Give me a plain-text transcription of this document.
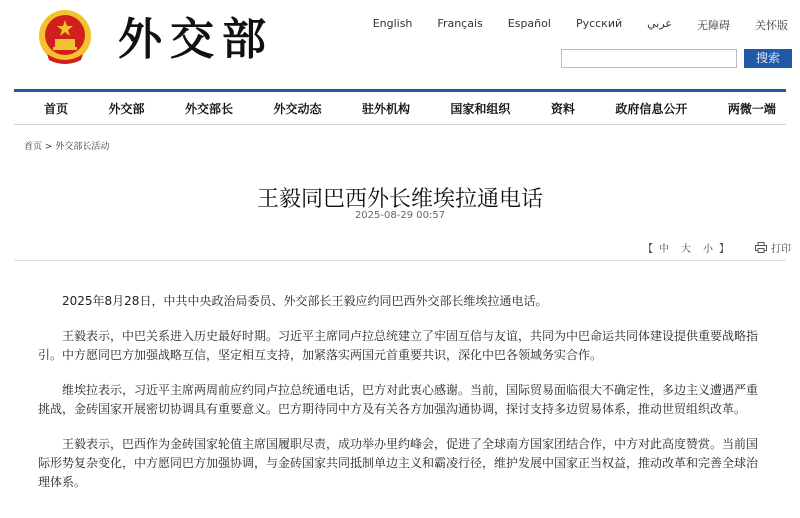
外交部	English Français Español Русский عربي 无障碍 关怀版
搜索
首页	外交部	外交部长	外交动态	驻外机构	国家和组织	资料	政府信息公开	两微一端
首页 > 外交部长活动
王毅同巴西外长维埃拉通电话
2025-08-29 00:57
【 中 大 小 】	打印

2025年8月28日，中共中央政治局委员、外交部长王毅应约同巴西外交部长维埃拉通电话。

王毅表示，中巴关系进入历史最好时期。习近平主席同卢拉总统建立了牢固互信与友谊，共同为中巴命运共同体建设提供重要战略指引。中方愿同巴方加强战略互信，坚定相互支持，加紧落实两国元首重要共识，深化中巴各领域务实合作。

维埃拉表示，习近平主席两周前应约同卢拉总统通电话，巴方对此衷心感谢。当前，国际贸易面临很大不确定性，多边主义遭遇严重挑战，金砖国家开展密切协调具有重要意义。巴方期待同中方及有关各方加强沟通协调，探讨支持多边贸易体系，推动世贸组织改革。

王毅表示，巴西作为金砖国家轮值主席国履职尽责，成功举办里约峰会，促进了全球南方国家团结合作，中方对此高度赞赏。当前国际形势复杂变化，中方愿同巴方加强协调，与金砖国家共同抵制单边主义和霸凌行径，维护发展中国家正当权益，推动改革和完善全球治理体系。
